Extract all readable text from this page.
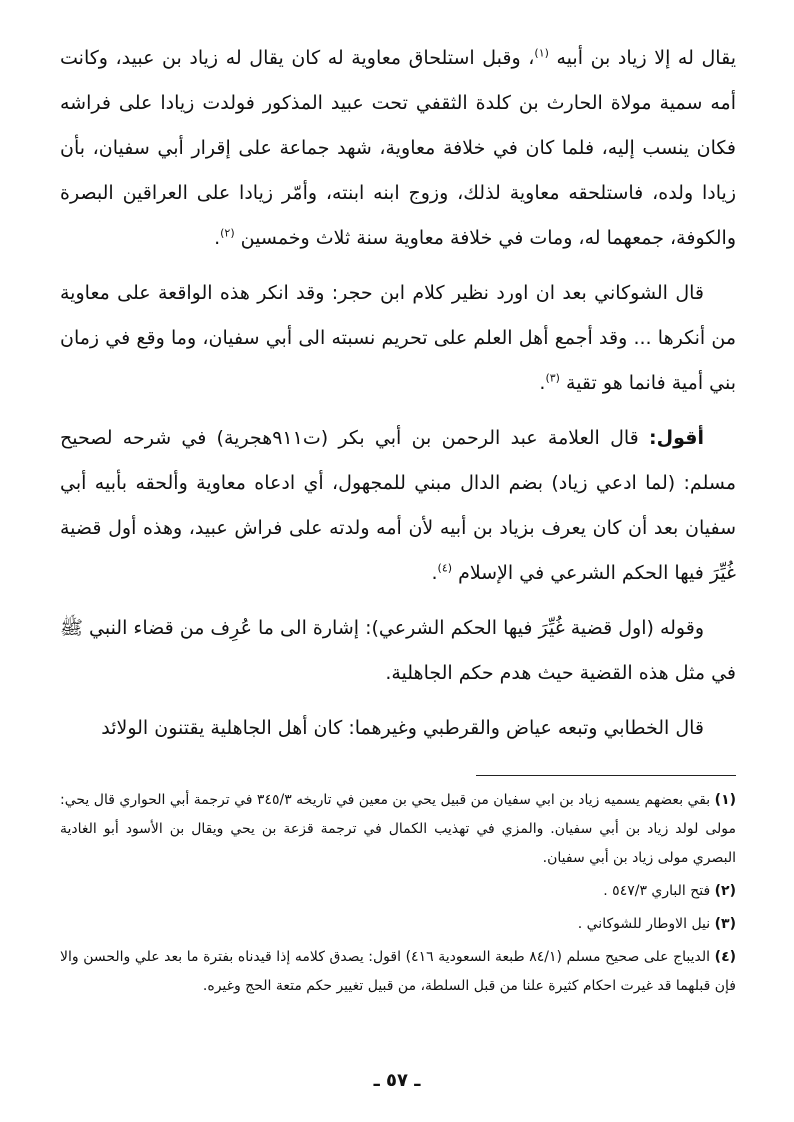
يقال له إلا زياد بن أبيه $^{(١)}$، وقبل استلحاق معاوية له كان يقال له زياد بن عبيد، وكانت أمه سمية مولاة الحارث بن كلدة الثقفي تحت عبيد المذكور فولدت زيادا على فراشه فكان ينسب إليه، فلما كان في خلافة معاوية، شهد جماعة على إقرار أبي سفيان، بأن زيادا ولده، فاستلحقه معاوية لذلك، وزوج ابنه ابنته، وأمّر زيادا على العراقين البصرة والكوفة، جمعهما له، ومات في خلافة معاوية سنة ثلاث وخمسين $^{(٢)}$.

قال الشوكاني بعد ان اورد نظير كلام ابن حجر: وقد انكر هذه الواقعة على معاوية من أنكرها ... وقد أجمع أهل العلم على تحريم نسبته الى أبي سفيان، وما وقع في زمان بني أمية فانما هو تقية $^{(٣)}$.

أقول: قال العلامة عبد الرحمن بن أبي بكر (ت٩١١هجرية) في شرحه لصحيح مسلم: (لما ادعي زياد) بضم الدال مبني للمجهول، أي ادعاه معاوية وألحقه بأبيه أبي سفيان بعد أن كان يعرف بزياد بن أبيه لأن أمه ولدته على فراش عبيد، وهذه أول قضية غُيِّرَ فيها الحكم الشرعي في الإسلام $^{(٤)}$.

وقوله (اول قضية غُيِّرَ فيها الحكم الشرعي): إشارة الى ما عُرِف من قضاء النبي ﷺ في مثل هذه القضية حيث هدم حكم الجاهلية.

قال الخطابي وتبعه عياض والقرطبي وغيرهما: كان أهل الجاهلية يقتنون الولائد

(١) بقي بعضهم يسميه زياد بن ابي سفيان من قبيل يحي بن معين في تاريخه ٣٤٥/٣ في ترجمة أبي الحواري قال يحي: مولى لولد زياد بن أبي سفيان. والمزي في تهذيب الكمال في ترجمة قزعة بن يحي ويقال بن الأسود أبو الغادية البصري مولى زياد بن أبي سفيان.

(٢) فتح الباري ٥٤٧/٣ .

(٣) نيل الاوطار للشوكاني .

(٤) الديباج على صحيح مسلم (٨٤/١ طبعة السعودية ٤١٦) اقول: يصدق كلامه إذا قيدناه بفترة ما بعد علي والحسن والا فإن قبلهما قد غيرت احكام كثيرة علنا من قبل السلطة، من قبيل تغيير حكم متعة الحج وغيره.

ـ ٥٧ ـ
